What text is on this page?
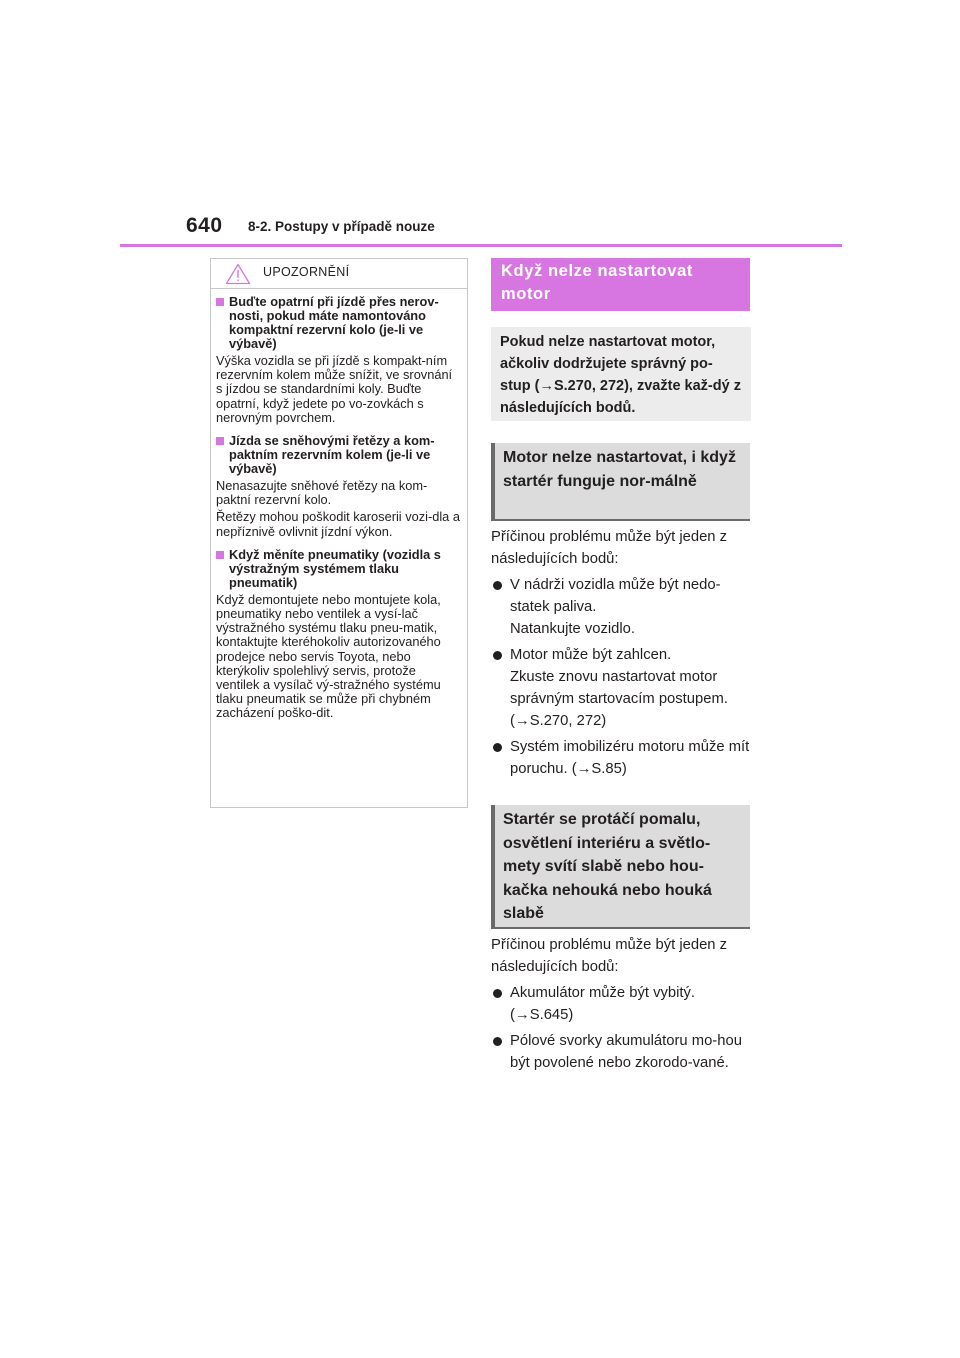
640 8-2. Postupy v případě nouze
UPOZORNĚNÍ

Buďte opatrní při jízdě přes nerov-nosti, pokud máte namontováno kompaktní rezervní kolo (je-li ve výbavě)

Výška vozidla se při jízdě s kompakt-ním rezervním kolem může snížit, ve srovnání s jízdou se standardními koly. Buďte opatrní, když jedete po vo-zovkách s nerovným povrchem.

Jízda se sněhovými řetězy a kom-paktním rezervním kolem (je-li ve výbavě)

Nenasazujte sněhové řetězy na kom-paktní rezervní kolo.

Řetězy mohou poškodit karoserii vozi-dla a nepříznivě ovlivnit jízdní výkon.

Když měníte pneumatiky (vozidla s výstražným systémem tlaku pneumatik)

Když demontujete nebo montujete kola, pneumatiky nebo ventilek a vysí-lač výstražného systému tlaku pneu-matik, kontaktujte kteréhokoliv autorizovaného prodejce nebo servis Toyota, nebo kterýkoliv spolehlivý servis, protože ventilek a vysílač vý-stražného systému tlaku pneumatik se může při chybném zacházení poško-dit.

Když nelze nastartovat motor
Pokud nelze nastartovat motor, ačkoliv dodržujete správný po-stup (→S.270, 272), zvažte kaž-dý z následujících bodů.
Motor nelze nastartovat, i když startér funguje nor-málně

Příčinou problému může být jeden z následujících bodů:

V nádrži vozidla může být nedo-statek paliva.
Natankujte vozidlo.
Motor může být zahlcen.
Zkuste znovu nastartovat motor správným startovacím postupem. (→S.270, 272)
Systém imobilizéru motoru může mít poruchu. (→S.85)
Startér se protáčí pomalu, osvětlení interiéru a světlo-mety svítí slabě nebo hou-kačka nehouká nebo houká slabě

Příčinou problému může být jeden z následujících bodů:

Akumulátor může být vybitý. (→S.645)
Pólové svorky akumulátoru mo-hou být povolené nebo zkorodo-vané.
